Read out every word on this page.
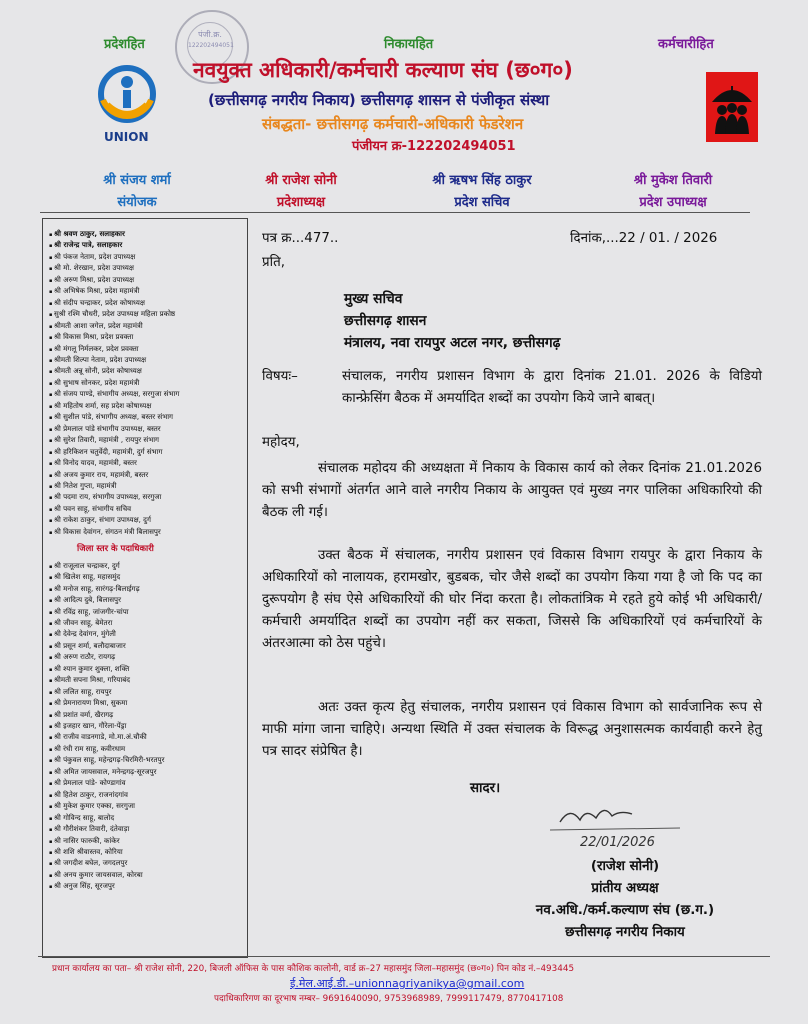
प्रदेशहित	निकायहित	कर्मचारीहित
पंजी.क्र.
122202494051
UNION
नवयुक्त अधिकारी/कर्मचारी कल्याण संघ (छ०ग०)
(छत्तीसगढ़ नगरीय निकाय) छत्तीसगढ़ शासन से पंजीकृत संस्था
संबद्धता- छत्तीसगढ़ कर्मचारी-अधिकारी फेडरेशन
पंजीयन क्र-122202494051
श्री संजय शर्मा
संयोजक
श्री राजेश सोनी
प्रदेशाध्यक्ष
श्री ऋषभ सिंह ठाकुर
प्रदेश सचिव
श्री मुकेश तिवारी
प्रदेश उपाध्यक्ष
▪ श्री श्रवण ठाकुर, सलाहकार
▪ श्री राजेन्द्र पात्रे, सलाहकार
▪ श्री पंकज नेताम, प्रदेश उपाध्यक्ष
▪ श्री मो. शेरखान, प्रदेश उपाध्यक्ष
▪ श्री अरुण मिश्रा, प्रदेश उपाध्यक्ष
▪ श्री अभिषेक मिश्रा, प्रदेश महामंत्री
▪ श्री संदीप चन्द्राकर, प्रदेश कोषाध्यक्ष
▪ सुश्री रश्मि चौधरी, प्रदेश उपाध्यक्ष महिला प्रकोष्ठ
▪ श्रीमती आशा जगेल, प्रदेश महामंत्री
▪ श्री विकास मिश्रा, प्रदेश प्रवक्ता
▪ श्री मंगलू निर्मलकर, प्रदेश प्रवक्ता
▪ श्रीमती शिल्पा नेताम, प्रदेश उपाध्यक्ष
▪ श्रीमती अन्नू सोनी, प्रदेश कोषाध्यक्ष
▪ श्री सुभाष सोनकर, प्रदेश महामंत्री
▪ श्री संजय पाण्डे, संभागीय अध्यक्ष, सरगुजा संभाग
▪ श्री महितोष शर्मा, सह प्रदेश कोषाध्यक्ष
▪ श्री सुशील पांडे, संभागीय अध्यक्ष, बस्तर संभाग
▪ श्री प्रेमलाल पांडे संभागीय उपाध्यक्ष, बस्तर
▪ श्री सुरेश तिवारी, महामंत्री , रायपुर संभाग
▪ श्री हरिकिशन चतुर्वेदी, महामंत्री, दुर्ग संभाग
▪ श्री विनोद यादव, महामंत्री, बस्तर
▪ श्री अजय कुमार राय, महामंत्री, बस्तर
▪ श्री नितेश गुप्ता, महामंत्री
▪ श्री पदमा राय, संभागीय उपाध्यक्ष, सरगुजा
▪ श्री पवन साहू, संभागीय सचिव
▪ श्री राकेश ठाकुर, संभाग उपाध्यक्ष, दुर्ग
▪ श्री विकास देवांगन, संगठन मंत्री बिलासपुर
जिला स्तर के पदाधिकारी
▪ श्री राजूलाल चन्द्राकर, दुर्ग
▪ श्री खिलेश साहू, महासमुंद
▪ श्री मनोज साहू, सारंगढ़-बिलाईगढ़
▪ श्री आदित्य दुबे, बिलासपुर
▪ श्री रविंद्र साहू, जांजगीर-चांपा
▪ श्री जीवन साहू, बेमेतरा
▪ श्री देवेन्द्र देवांगन, मुंगेली
▪ श्री प्रसून शर्मा, बलौदाबाजार
▪ श्री अरुण राठौर, रायगढ़
▪ श्री श्यान कुमार शुक्ला, शक्ति
▪ श्रीमती सपना मिश्रा, गरियाबंद
▪ श्री ललित साहू, रायपुर
▪ श्री प्रेमनारायण मिश्रा, सुकमा
▪ श्री प्रशांत वर्मा, खैरागढ़
▪ श्री इजहार खान, गौरेला-पेंड्रा
▪ श्री राजीव वाडनगाडे, मो.मा.अं.चौकी
▪ श्री रंधी राम साहू, कवीरधाम
▪ श्री पंकुवल साहू, महेन्द्रगढ़-चिरमिरी-भरतपुर
▪ श्री अमित जायसवाल, मनेन्द्रगढ़-सूरजपुर
▪ श्री प्रेमलाल पांडे- कोण्डागांव
▪ श्री हितेश ठाकुर, राजनांदगांव
▪ श्री मुकेश कुमार एक्का, सरगुजा
▪ श्री गोविन्द साहू, बालोद
▪ श्री गौरीशंकर तिवारी, दंतेवाड़ा
▪ श्री नासिर फारुकी, कांकेर
▪ श्री शशि श्रीवास्तव, कोरिया
▪ श्री जगदीश बघेल, जगदलपुर
▪ श्री अनय कुमार जायसवाल, कोरबा
▪ श्री अनुज सिंह, सूरजपुर
पत्र क्र...477..	दिनांक,...22 / 01. / 2026
प्रति,
मुख्य सचिव
छत्तीसगढ़ शासन
मंत्रालय, नवा रायपुर अटल नगर, छत्तीसगढ़
विषयः–	संचालक, नगरीय प्रशासन विभाग के द्वारा दिनांक 21.01. 2026 के विडियो कान्फ्रेसिंग बैठक में अमर्यादित शब्दों का उपयोग किये जाने बाबत्।
महोदय,
संचालक महोदय की अध्यक्षता में निकाय के विकास कार्य को लेकर दिनांक 21.01.2026 को सभी संभागों अंतर्गत आने वाले नगरीय निकाय के आयुक्त एवं मुख्य नगर पालिका अधिकारियो की बैठक ली गई।
उक्त बैठक में संचालक, नगरीय प्रशासन एवं विकास विभाग रायपुर के द्वारा निकाय के अधिकारियों को नालायक, हरामखोर, बुडबक, चोर जैसे शब्दों का उपयोग किया गया है जो कि पद का दुरूपयोग है संघ ऐसे अधिकारियों की घोर निंदा करता है। लोकतांत्रिक मे रहते हुये कोई भी अधिकारी/कर्मचारी अमर्यादित शब्दों का उपयोग नहीं कर सकता, जिससे कि अधिकारियों एवं कर्मचारियों के अंतरआत्मा को ठेस पहुंचे।
अतः उक्त कृत्य हेतु संचालक, नगरीय प्रशासन एवं विकास विभाग को सार्वजानिक रूप से माफी मांगा जाना चाहिऐ। अन्यथा स्थिति में उक्त संचालक के विरूद्ध अनुशासत्मक कार्यवाही करने हेतु पत्र सादर संप्रेषित है।
सादर।
22/01/2026
(राजेश सोनी)
प्रांतीय अध्यक्ष
नव.अधि./कर्म.कल्याण संघ (छ.ग.)
छत्तीसगढ़ नगरीय निकाय
प्रधान कार्यालय का पता– श्री राजेश सोनी, 220, बिजली ऑफिस के पास कौशिक कालोनी, वार्ड क्र–27 महासमुंद जिला–महासमुंद (छ०ग०) पिन कोड नं.–493445
ई.मेल.आई.डी.–unionnagriyanikya@gmail.com
पदाधिकारिगण का दूरभाष नम्बर– 9691640090, 9753968989, 7999117479, 8770417108
